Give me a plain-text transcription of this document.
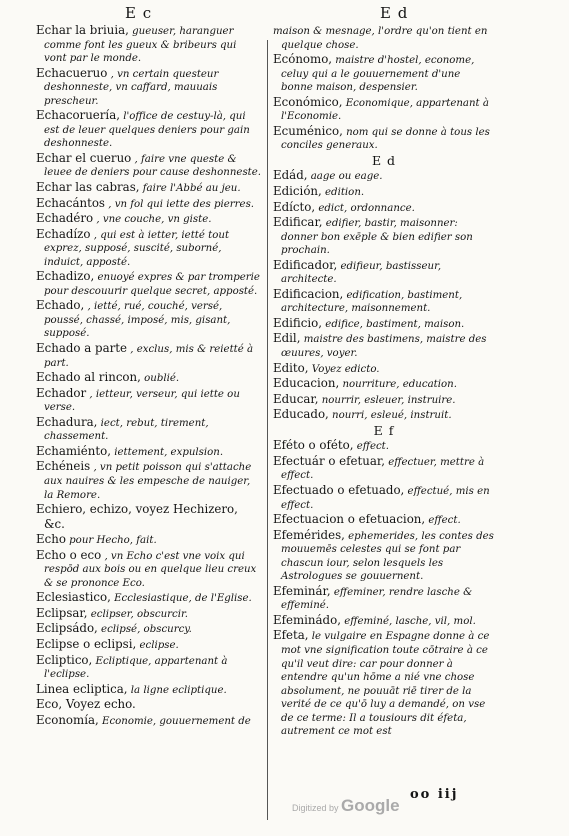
E c	E d
Echar la briuia, gueuser, haranguer comme font les gueux & bribeurs qui vont par le monde.
Echacueruo , vn certain questeur deshonneste, vn caffard, mauuais prescheur.
Echacoruería, l'office de cestuy-là, qui est de leuer quelques deniers pour gain deshonneste.
Echar el cueruo , faire vne queste & leuee de deniers pour cause deshonneste.
Echar las cabras, faire l'Abbé au jeu.
Echacántos , vn fol qui iette des pierres.
Echadéro , vne couche, vn giste.
Echadízo , qui est à ietter, ietté tout exprez, supposé, suscité, suborné, induict, apposté.
Echadizo, enuoyé expres & par tromperie pour descouurir quelque secret, apposté.
Echado, , ietté, rué, couché, versé, poussé, chassé, imposé, mis, gisant, supposé.
Echado a parte , exclus, mis & reietté à part.
Echado al rincon, oublié.
Echador , ietteur, verseur, qui iette ou verse.
Echadura, iect, rebut, tirement, chassement.
Echamiénto, iettement, expulsion.
Echéneis , vn petit poisson qui s'attache aux nauires & les empesche de nauiger, la Remore.
Echiero, echizo, voyez Hechizero, &c.
Echo pour Hecho, fait.
Echo o eco , vn Echo c'est vne voix qui respōd aux bois ou en quelque lieu creux & se prononce Eco.
Eclesiastico, Ecclesiastique, de l'Eglise.
Eclipsar, eclipser, obscurcir.
Eclipsádo, eclipsé, obscurcy.
Eclipse o eclipsi, eclipse.
Ecliptico, Ecliptique, appartenant à l'eclipse.
Linea ecliptica, la ligne ecliptique.
Eco, Voyez echo.
Economía, Economie, gouuernement de
maison & mesnage, l'ordre qu'on tient en quelque chose.
Ecónomo, maistre d'hostel, econome, celuy qui a le gouuernement d'une bonne maison, despensier.
Económico, Economique, appartenant à l'Economie.
Ecuménico, nom qui se donne à tous les conciles generaux.
E d
Edád, aage ou eage.
Edición, edition.
Edícto, edict, ordonnance.
Edificar, edifier, bastir, maisonner: donner bon exēple & bien edifier son prochain.
Edificador, edifieur, bastisseur, architecte.
Edificacion, edification, bastiment, architecture, maisonnement.
Edificio, edifice, bastiment, maison.
Edil, maistre des bastimens, maistre des œuures, voyer.
Edito, Voyez edicto.
Educacion, nourriture, education.
Educar, nourrir, esleuer, instruire.
Educado, nourri, esleué, instruit.
E f
Eféto o oféto, effect.
Efectuár o efetuar, effectuer, mettre à effect.
Efectuado o efetuado, effectué, mis en effect.
Efectuacion o efetuacion, effect.
Efemérides, ephemerides, les contes des mouuemēs celestes qui se font par chascun iour, selon lesquels les Astrologues se gouuernent.
Efeminár, effeminer, rendre lasche & effeminé.
Efeminádo, effeminé, lasche, vil, mol.
Efeta, le vulgaire en Espagne donne à ce mot vne signification toute cōtraire à ce qu'il veut dire: car pour donner à entendre qu'un hōme a nié vne chose absolument, ne pouuāt riē tirer de la verité de ce qu'ō luy a demandé, on vse de ce terme: Il a tousiours dit éfeta, autrement ce mot est
oo iij
Digitized by Google
